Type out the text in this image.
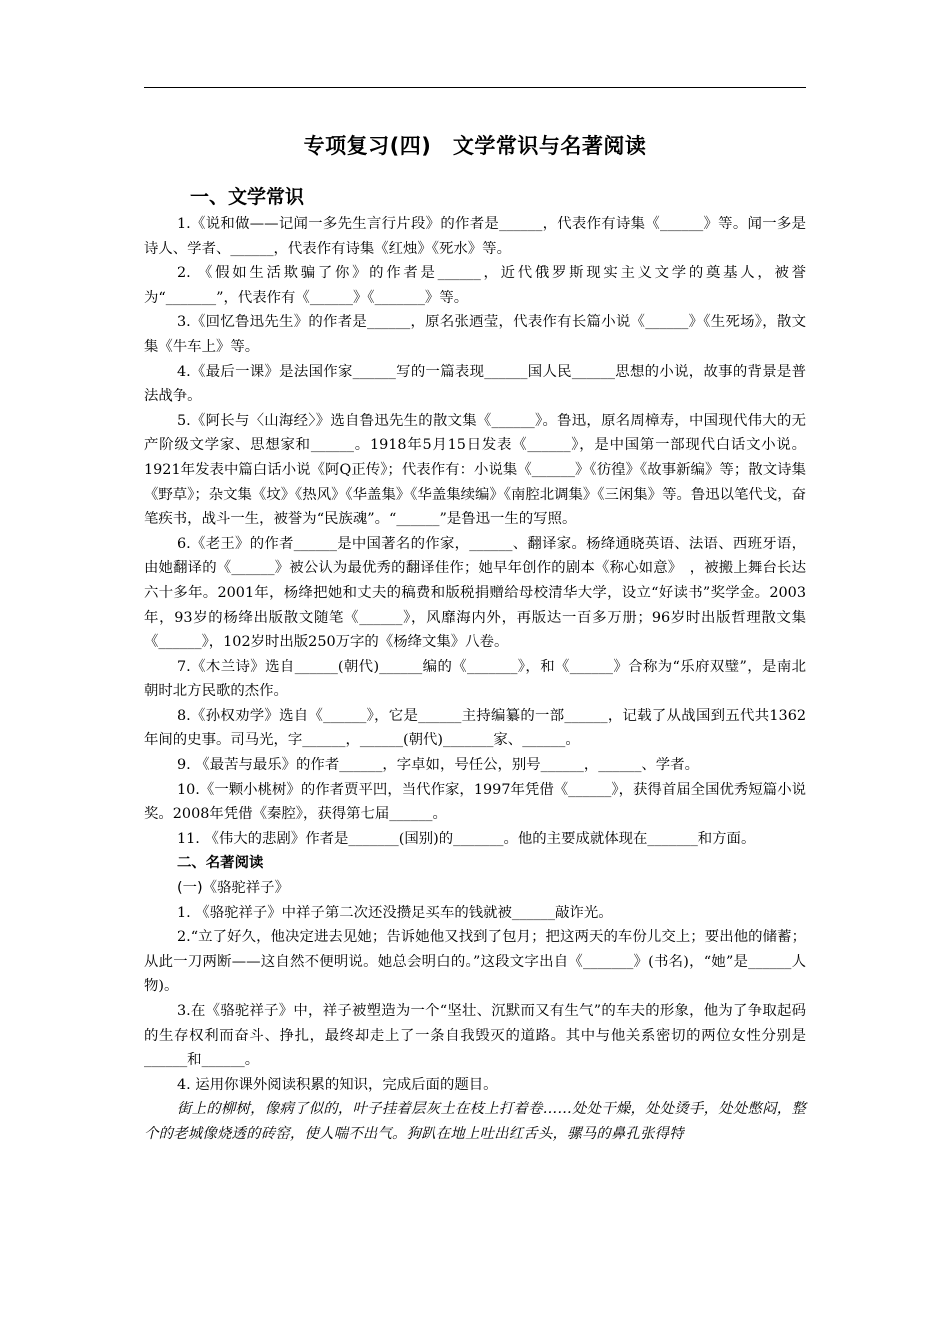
专项复习(四)　文学常识与名著阅读
一、文学常识

1.《说和做——记闻一多先生言行片段》的作者是______，代表作有诗集《______》等。闻一多是诗人、学者、______，代表作有诗集《红烛》《死水》等。

2. 《假如生活欺骗了你》的作者是______，近代俄罗斯现实主义文学的奠基人，被誉为“_______”，代表作有《______》《_______》等。

3.《回忆鲁迅先生》的作者是______，原名张迺莹，代表作有长篇小说《______》《生死场》，散文集《牛车上》等。

4.《最后一课》是法国作家______写的一篇表现______国人民______思想的小说，故事的背景是普法战争。

5.《阿长与〈山海经〉》选自鲁迅先生的散文集《______》。鲁迅，原名周樟寿，中国现代伟大的无产阶级文学家、思想家和______。1918年5月15日发表《______》，是中国第一部现代白话文小说。1921年发表中篇白话小说《阿Q正传》；代表作有：小说集《______》《彷徨》《故事新编》等；散文诗集《野草》；杂文集《坟》《热风》《华盖集》《华盖集续编》《南腔北调集》《三闲集》等。鲁迅以笔代戈，奋笔疾书，战斗一生，被誉为“民族魂”。“______”是鲁迅一生的写照。

6.《老王》的作者______是中国著名的作家，______、翻译家。杨绛通晓英语、法语、西班牙语，由她翻译的《______》被公认为最优秀的翻译佳作；她早年创作的剧本《称心如意》　，被搬上舞台长达六十多年。2001年，杨绛把她和丈夫的稿费和版税捐赠给母校清华大学，设立“好读书”奖学金。2003年，93岁的杨绛出版散文随笔《______》，风靡海内外，再版达一百多万册；96岁时出版哲理散文集《______》，102岁时出版250万字的《杨绛文集》八卷。

7.《木兰诗》选自______(朝代)______编的《_______》，和《______》合称为“乐府双璧”，是南北朝时北方民歌的杰作。

8.《孙权劝学》选自《______》，它是______主持编纂的一部______，记载了从战国到五代共1362年间的史事。司马光，字______，______(朝代)_______家、______。

9. 《最苦与最乐》的作者______，字卓如，号任公，别号______，______、学者。

10.《一颗小桃树》的作者贾平凹，当代作家，1997年凭借《______》，获得首届全国优秀短篇小说奖。2008年凭借《秦腔》，获得第七届______。

11. 《伟大的悲剧》作者是_______(国别)的_______。他的主要成就体现在_______和方面。

二、名著阅读

(一)《骆驼祥子》

1. 《骆驼祥子》中祥子第二次还没攒足买车的钱就被______敲诈光。

2.“立了好久，他决定进去见她；告诉她他又找到了包月；把这两天的车份儿交上；要出他的储蓄；从此一刀两断——这自然不便明说。她总会明白的。”这段文字出自《_______》(书名)，“她”是______人物)。

3.在《骆驼祥子》中，祥子被塑造为一个“坚壮、沉默而又有生气”的车夫的形象，他为了争取起码的生存权利而奋斗、挣扎，最终却走上了一条自我毁灭的道路。其中与他关系密切的两位女性分别是______和______。

4. 运用你课外阅读积累的知识，完成后面的题目。

街上的柳树，像病了似的，叶子挂着层灰土在枝上打着卷……处处干燥，处处烫手，处处憋闷，整个的老城像烧透的砖窑，使人喘不出气。狗趴在地上吐出红舌头，骡马的鼻孔张得特
